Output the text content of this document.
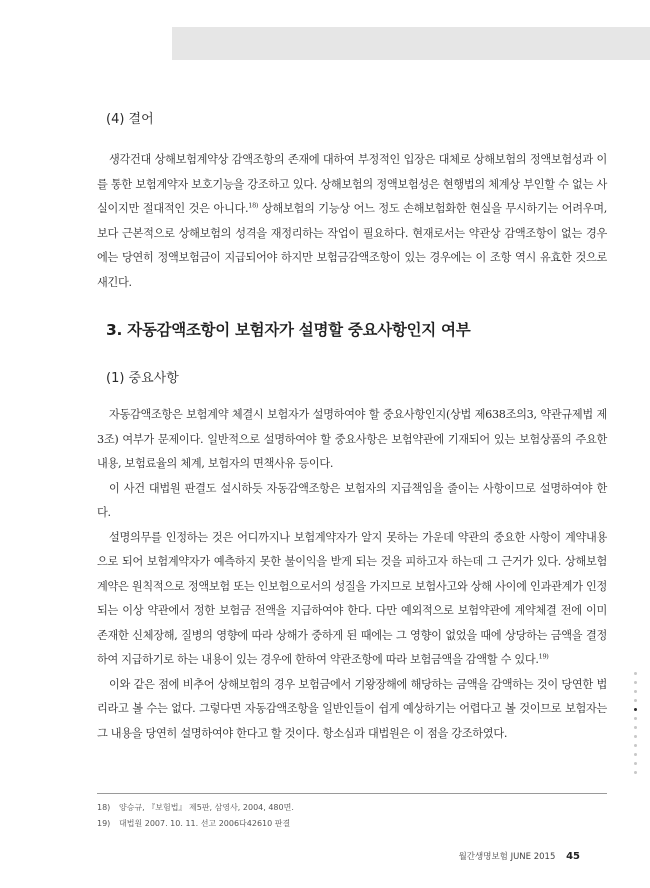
(4) 결어

생각건대 상해보험계약상 감액조항의 존재에 대하여 부정적인 입장은 대체로 상해보험의 정액보험성과 이를 통한 보험계약자 보호기능을 강조하고 있다. 상해보험의 정액보험성은 현행법의 체계상 부인할 수 없는 사실이지만 절대적인 것은 아니다.$^{18)}$ 상해보험의 기능상 어느 정도 손해보험화한 현실을 무시하기는 어려우며, 보다 근본적으로 상해보험의 성격을 재정리하는 작업이 필요하다. 현재로서는 약관상 감액조항이 없는 경우에는 당연히 정액보험금이 지급되어야 하지만 보험금감액조항이 있는 경우에는 이 조항 역시 유효한 것으로 새긴다.

3. 자동감액조항이 보험자가 설명할 중요사항인지 여부
(1) 중요사항

자동감액조항은 보험계약 체결시 보험자가 설명하여야 할 중요사항인지(상법 제638조의3, 약관규제법 제3조) 여부가 문제이다. 일반적으로 설명하여야 할 중요사항은 보험약관에 기재되어 있는 보험상품의 주요한 내용, 보험료율의 체계, 보험자의 면책사유 등이다.

이 사건 대법원 판결도 설시하듯 자동감액조항은 보험자의 지급책임을 줄이는 사항이므로 설명하여야 한다.

설명의무를 인정하는 것은 어디까지나 보험계약자가 알지 못하는 가운데 약관의 중요한 사항이 계약내용으로 되어 보험계약자가 예측하지 못한 불이익을 받게 되는 것을 피하고자 하는데 그 근거가 있다. 상해보험계약은 원칙적으로 정액보험 또는 인보험으로서의 성질을 가지므로 보험사고와 상해 사이에 인과관계가 인정되는 이상 약관에서 정한 보험금 전액을 지급하여야 한다. 다만 예외적으로 보험약관에 계약체결 전에 이미 존재한 신체장해, 질병의 영향에 따라 상해가 중하게 된 때에는 그 영향이 없었을 때에 상당하는 금액을 결정하여 지급하기로 하는 내용이 있는 경우에 한하여 약관조항에 따라 보험금액을 감액할 수 있다.$^{19)}$

이와 같은 점에 비추어 상해보험의 경우 보험금에서 기왕장해에 해당하는 금액을 감액하는 것이 당연한 법리라고 볼 수는 없다. 그렇다면 자동감액조항을 일반인들이 쉽게 예상하기는 어렵다고 볼 것이므로 보험자는 그 내용을 당연히 설명하여야 한다고 할 것이다. 항소심과 대법원은 이 점을 강조하였다.

18) 양승규, 『보험법』 제5판, 삼영사, 2004, 480면.
19) 대법원 2007. 10. 11. 선고 2006다42610 판결
월간생명보험 JUNE 2015 45
